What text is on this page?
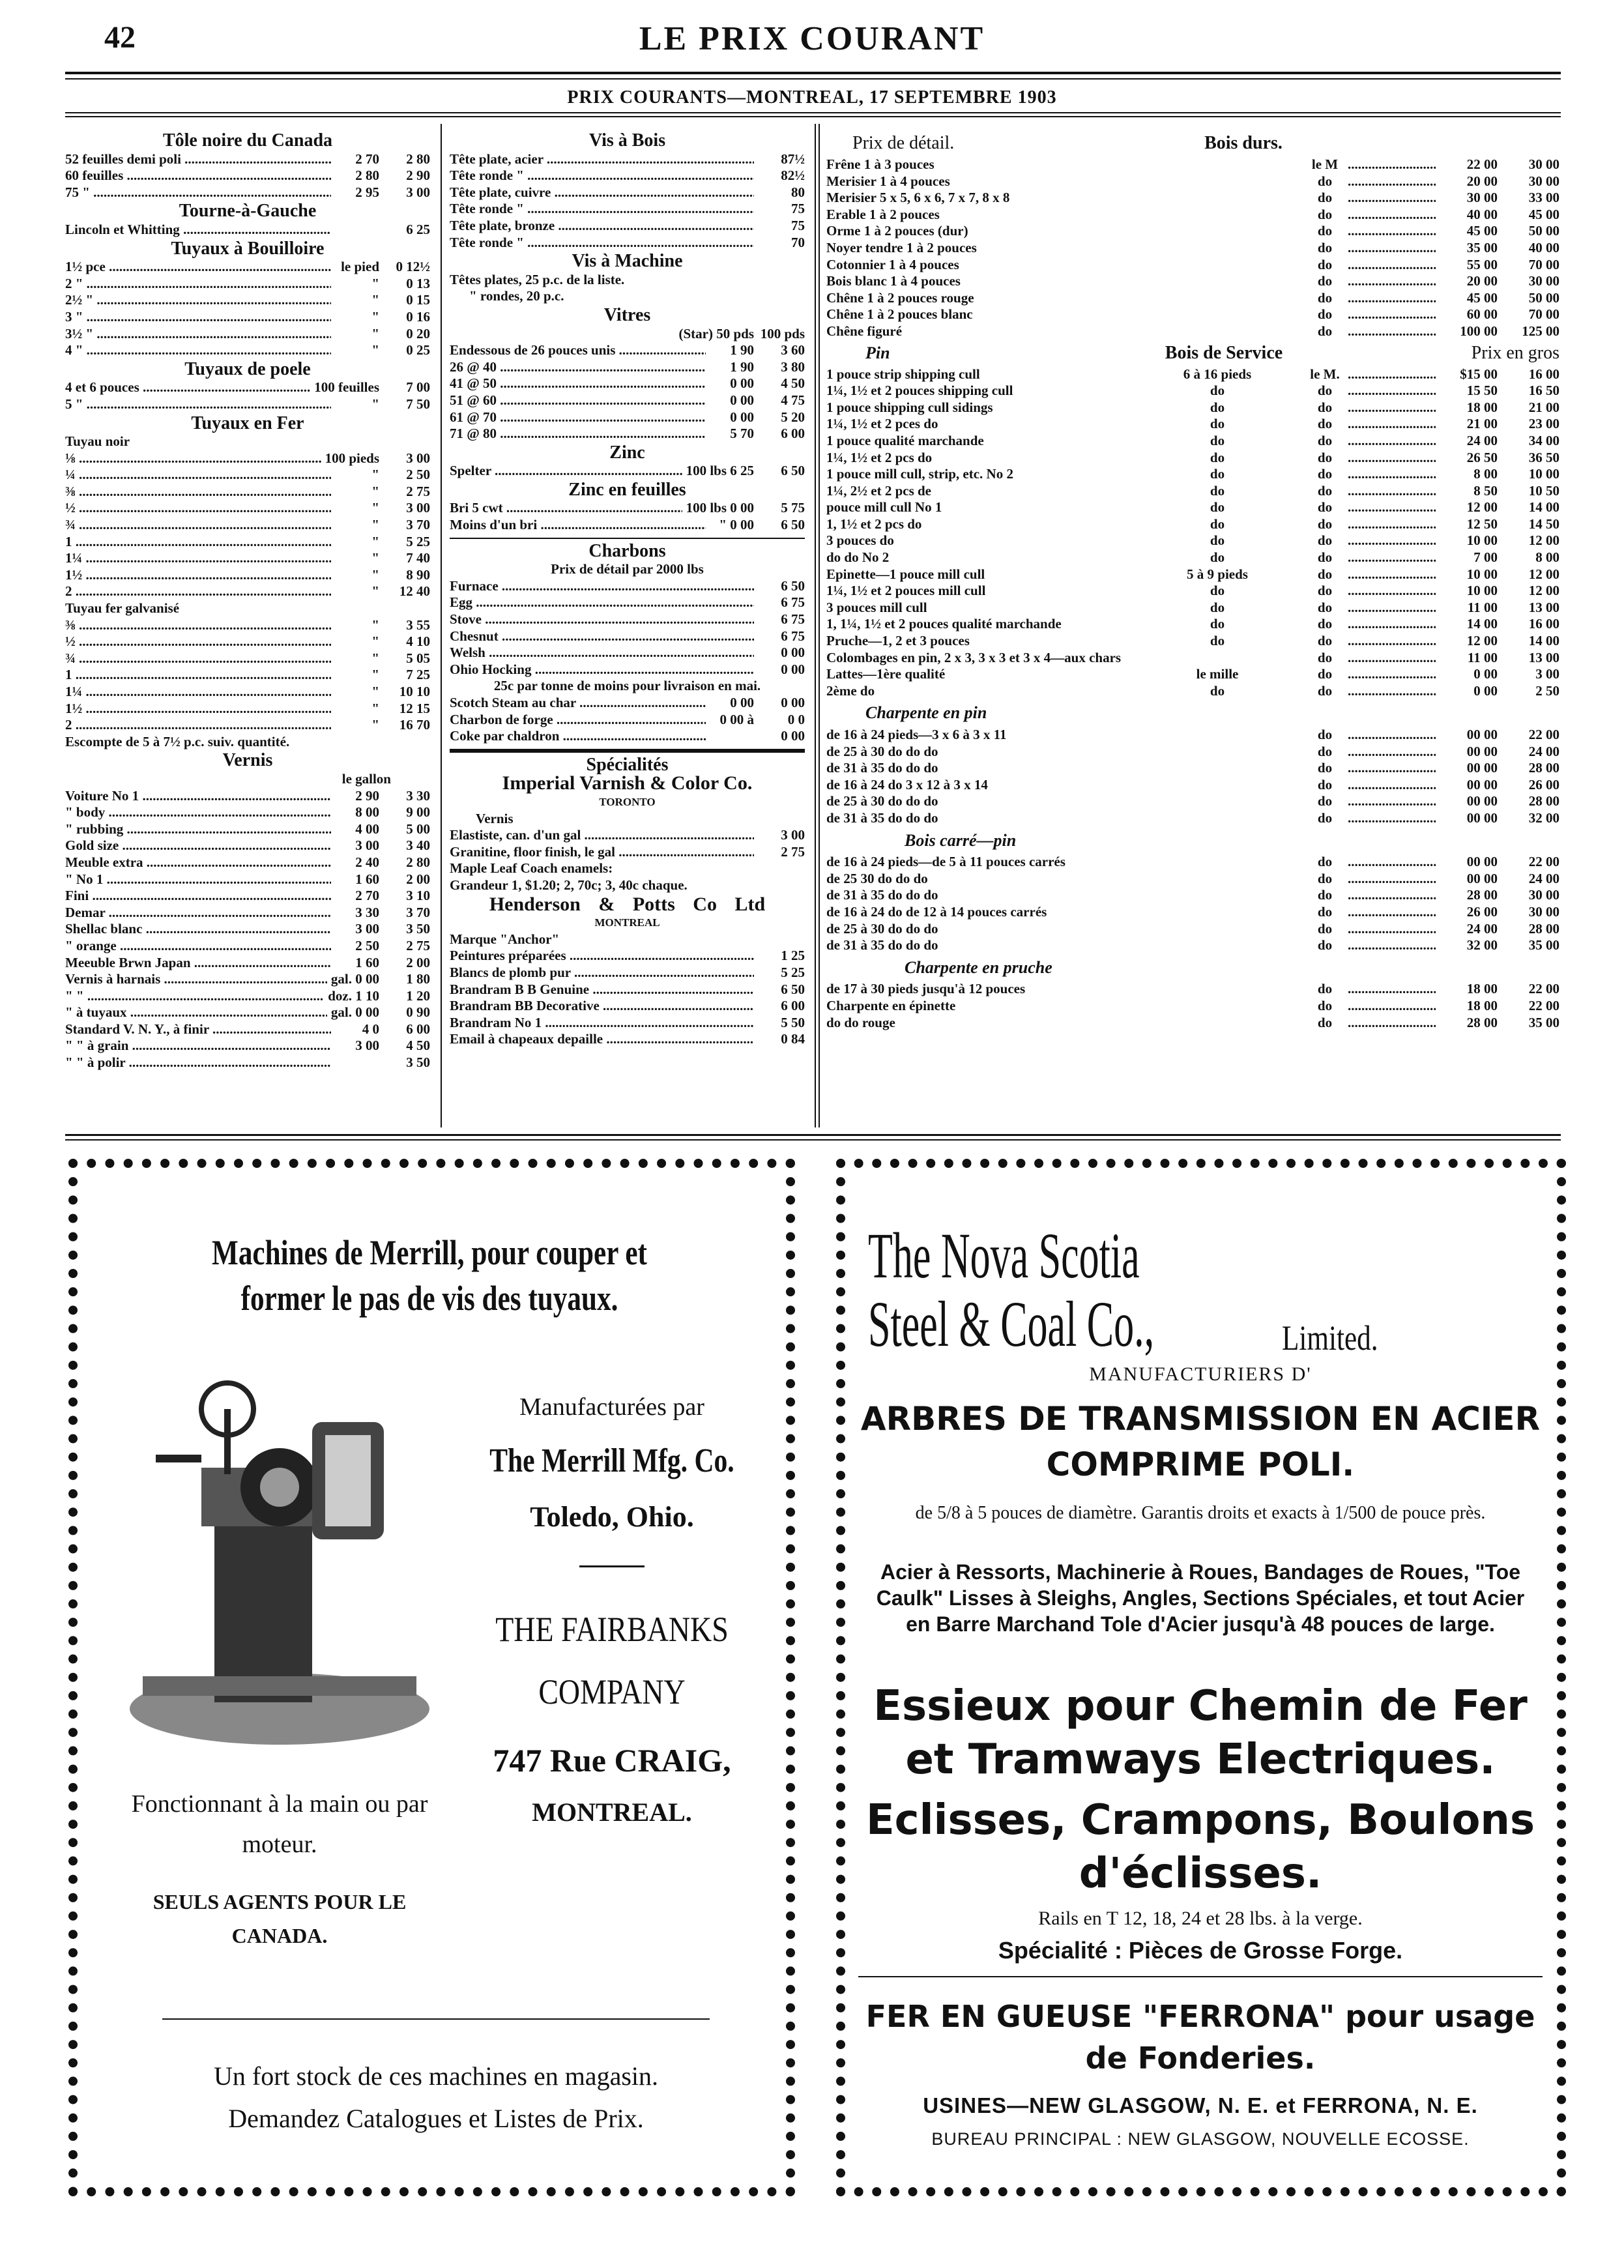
42	LE PRIX COURANT
PRIX COURANTS—MONTREAL, 17 SEPTEMBRE 1903
Tôle noire du Canada
52 feuilles demi poli .....	2 70	2 80
60 feuilles .....	2 80	2 90
75 " .....	2 95	3 00
Tourne-à-Gauche
Lincoln et Whitting .....	6 25
Tuyaux à Bouilloire
1½ pce .....	le pied	0 12½
2 " .....	"	0 13
2½ " .....	"	0 15
3 " .....	"	0 16
3½ " .....	"	0 20
4 " .....	"	0 25
Tuyaux de poele
4 et 6 pouces .....	100 feuilles	7 00
5 " .....	"	7 50
Tuyaux en Fer
Tuyau noir
⅛ .....	100 pieds	3 00
¼ .....	"	2 50
⅜ .....	"	2 75
½ .....	"	3 00
¾ .....	"	3 70
1 .....	"	5 25
1¼ .....	"	7 40
1½ .....	"	8 90
2 .....	"	12 40
Tuyau fer galvanisé
⅜ .....	"	3 55
½ .....	"	4 10
¾ .....	"	5 05
1 .....	"	7 25
1¼ .....	"	10 10
1½ .....	"	12 15
2 .....	"	16 70
Escompte de 5 à 7½ p.c. suiv. quantité.
Vernis
le gallon
Voiture No 1 .....	2 90	3 30
" body .....	8 00	9 00
" rubbing .....	4 00	5 00
Gold size .....	3 00	3 40
Meuble extra .....	2 40	2 80
" No 1 .....	1 60	2 00
Fini .....	2 70	3 10
Demar .....	3 30	3 70
Shellac blanc .....	3 00	3 50
" orange .....	2 50	2 75
Meeuble Brwn Japan .....	1 60	2 00
Vernis à harnais .....	gal. 0 00	1 80
" " .....	doz. 1 10	1 20
" à tuyaux .....	gal. 0 00	0 90
Standard V. N. Y., à finir .....	4 0	6 00
" " à grain .....	3 00	4 50
" " à polir .....	3 50
Vis à Bois
Tête plate, acier .....	87½
Tête ronde " .....	82½
Tête plate, cuivre .....	80
Tête ronde " .....	75
Tête plate, bronze .....	75
Tête ronde " .....	70
Vis à Machine
Têtes plates, 25 p.c. de la liste.
" rondes, 20 p.c.
Vitres
(Star) 50 pds 100 pds
Endessous de 26 pouces unis .....	1 90	3 60
26 @ 40 .....	1 90	3 80
41 @ 50 .....	0 00	4 50
51 @ 60 .....	0 00	4 75
61 @ 70 .....	0 00	5 20
71 @ 80 .....	5 70	6 00
Zinc
Spelter .....	100 lbs 6 25	6 50
Zinc en feuilles
Bri 5 cwt .....	100 lbs 0 00	5 75
Moins d'un bri .....	" 0 00	6 50
Charbons
Prix de détail par 2000 lbs
Furnace .....	6 50
Egg .....	6 75
Stove .....	6 75
Chesnut .....	6 75
Welsh .....	0 00
Ohio Hocking .....	0 00
25c par tonne de moins pour livraison en mai.
Scotch Steam au char .....	0 00	0 00
Charbon de forge .....	0 00 à	0 0
Coke par chaldron .....	0 00
Spécialités
Imperial Varnish & Color Co.
TORONTO
Vernis
Elastiste, can. d'un gal .....	3 00
Granitine, floor finish, le gal .....	2 75
Maple Leaf Coach enamels:
Grandeur 1, $1.20; 2, 70c; 3, 40c chaque.
Henderson & Potts Co Ltd
MONTREAL
Marque "Anchor"
Peintures préparées .....	1 25
Blancs de plomb pur .....	5 25
Brandram B B Genuine .....	6 50
Brandram BB Decorative .....	6 00
Brandram No 1 .....	5 50
Email à chapeaux depaille .....	0 84
Prix de détail.	Bois durs.
Frêne 1 à 3 pouces	le M .....	22 00	30 00
Merisier 1 à 4 pouces	do .....	20 00	30 00
Merisier 5 x 5, 6 x 6, 7 x 7, 8 x 8	do .....	30 00	33 00
Erable 1 à 2 pouces	do .....	40 00	45 00
Orme 1 à 2 pouces (dur)	do .....	45 00	50 00
Noyer tendre 1 à 2 pouces	do .....	35 00	40 00
Cotonnier 1 à 4 pouces	do .....	55 00	70 00
Bois blanc 1 à 4 pouces	do .....	20 00	30 00
Chêne 1 à 2 pouces rouge	do .....	45 00	50 00
Chêne 1 à 2 pouces blanc	do .....	60 00	70 00
Chêne figuré	do .....	100 00	125 00
Pin	Bois de Service	Prix en gros
1 pouce strip shipping cull	6 à 16 pieds	le M. .....	$15 00	16 00
1¼, 1½ et 2 pouces shipping cull	do	do .....	15 50	16 50
1 pouce shipping cull sidings	do	do .....	18 00	21 00
1¼, 1½ et 2 pces do	do	do .....	21 00	23 00
1 pouce qualité marchande	do	do .....	24 00	34 00
1¼, 1½ et 2 pcs do	do	do .....	26 50	36 50
1 pouce mill cull, strip, etc. No 2	do	do .....	8 00	10 00
1¼, 2½ et 2 pcs de	do	do .....	8 50	10 50
pouce mill cull No 1	do	do .....	12 00	14 00
1, 1½ et 2 pcs do	do	do .....	12 50	14 50
3 pouces do	do	do .....	10 00	12 00
do do No 2	do	do .....	7 00	8 00
Epinette—1 pouce mill cull	5 à 9 pieds	do .....	10 00	12 00
1¼, 1½ et 2 pouces mill cull	do	do .....	10 00	12 00
3 pouces mill cull	do	do .....	11 00	13 00
1, 1¼, 1½ et 2 pouces qualité marchande	do	do .....	14 00	16 00
Pruche—1, 2 et 3 pouces	do	do .....	12 00	14 00
Colombages en pin, 2 x 3, 3 x 3 et 3 x 4—aux chars	do .....	11 00	13 00
Lattes—1ère qualité	le mille	do .....	0 00	3 00
2ème do	do	do .....	0 00	2 50
Charpente en pin
de 16 à 24 pieds—3 x 6 à 3 x 11	do .....	00 00	22 00
de 25 à 30 do do do	do .....	00 00	24 00
de 31 à 35 do do do	do .....	00 00	28 00
de 16 à 24 do 3 x 12 à 3 x 14	do .....	00 00	26 00
de 25 à 30 do do do	do .....	00 00	28 00
de 31 à 35 do do do	do .....	00 00	32 00
Bois carré—pin
de 16 à 24 pieds—de 5 à 11 pouces carrés	do .....	00 00	22 00
de 25 30 do do do	do .....	00 00	24 00
de 31 à 35 do do do	do .....	28 00	30 00
de 16 à 24 do de 12 à 14 pouces carrés	do .....	26 00	30 00
de 25 à 30 do do do	do .....	24 00	28 00
de 31 à 35 do do do	do .....	32 00	35 00
Charpente en pruche
de 17 à 30 pieds jusqu'à 12 pouces	do .....	18 00	22 00
Charpente en épinette	do .....	18 00	22 00
do do rouge	do .....	28 00	35 00
Machines de Merrill, pour couper et former le pas de vis des tuyaux.
Fonctionnant à la main ou par moteur.
SEULS AGENTS POUR LE CANADA.
Manufacturées par
The Merrill Mfg. Co.
Toledo, Ohio.
THE FAIRBANKS COMPANY
747 Rue CRAIG,
MONTREAL.
Un fort stock de ces machines en magasin.
Demandez Catalogues et Listes de Prix.
The Nova Scotia
Steel & Coal Co.,	Limited.
MANUFACTURIERS D'
ARBRES DE TRANSMISSION EN ACIER COMPRIME POLI.
de 5/8 à 5 pouces de diamètre. Garantis droits et exacts à 1/500 de pouce près.
Acier à Ressorts, Machinerie à Roues, Bandages de Roues, "Toe Caulk" Lisses à Sleighs, Angles, Sections Spéciales, et tout Acier en Barre Marchand Tole d'Acier jusqu'à 48 pouces de large.
Essieux pour Chemin de Fer et Tramways Electriques.
Eclisses, Crampons, Boulons d'éclisses.
Rails en T 12, 18, 24 et 28 lbs. à la verge.
Spécialité : Pièces de Grosse Forge.
FER EN GUEUSE "FERRONA" pour usage de Fonderies.
USINES—NEW GLASGOW, N. E. et FERRONA, N. E.
BUREAU PRINCIPAL : NEW GLASGOW, NOUVELLE ECOSSE.
